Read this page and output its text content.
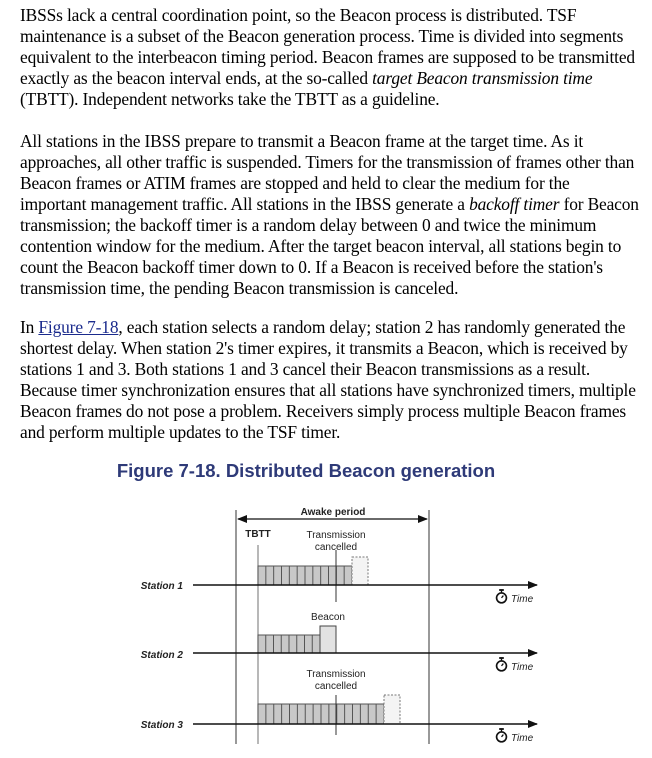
IBSSs lack a central coordination point, so the Beacon process is distributed. TSF maintenance is a subset of the Beacon generation process. Time is divided into segments equivalent to the interbeacon timing period. Beacon frames are supposed to be transmitted exactly as the beacon interval ends, at the so-called target Beacon transmission time (TBTT). Independent networks take the TBTT as a guideline.

All stations in the IBSS prepare to transmit a Beacon frame at the target time. As it approaches, all other traffic is suspended. Timers for the transmission of frames other than Beacon frames or ATIM frames are stopped and held to clear the medium for the important management traffic. All stations in the IBSS generate a backoff timer for Beacon transmission; the backoff timer is a random delay between 0 and twice the minimum contention window for the medium. After the target beacon interval, all stations begin to count the Beacon backoff timer down to 0. If a Beacon is received before the station's transmission time, the pending Beacon transmission is canceled.

In Figure 7-18, each station selects a random delay; station 2 has randomly generated the shortest delay. When station 2's timer expires, it transmits a Beacon, which is received by stations 1 and 3. Both stations 1 and 3 cancel their Beacon transmissions as a result. Because timer synchronization ensures that all stations have synchronized timers, multiple Beacon frames do not pose a problem. Receivers simply process multiple Beacon frames and perform multiple updates to the TSF timer.

Figure 7-18. Distributed Beacon generation

Awake period
TBTT
Station 1
Transmission
cancelled
Time
Station 2
Beacon
Time
Station 3
Transmission
cancelled
Time
